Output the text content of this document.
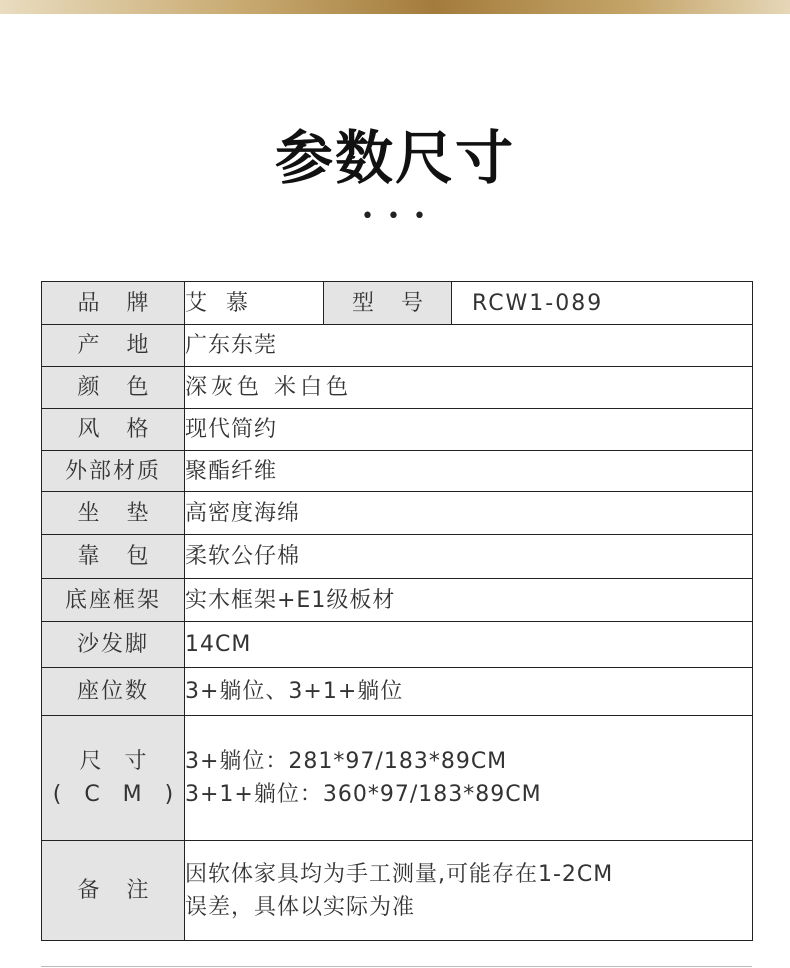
参数尺寸
• • •
品 牌	艾 慕	型 号	RCW1-089
产 地	广东东莞		
颜 色	深灰色 米白色		
风 格	现代简约		
外部材质	聚酯纤维		
坐 垫	高密度海绵		
靠 包	柔软公仔棉		
底座框架	实木框架+E1级板材		
沙发脚	14CM		
座位数	3+躺位、3+1+躺位		

尺 寸
( C M )	3+躺位：281*97/183*89CM
3+1+躺位：360*97/183*89CM		

备 注	因软体家具均为手工测量,可能存在1-2CM
误差，具体以实际为准		
